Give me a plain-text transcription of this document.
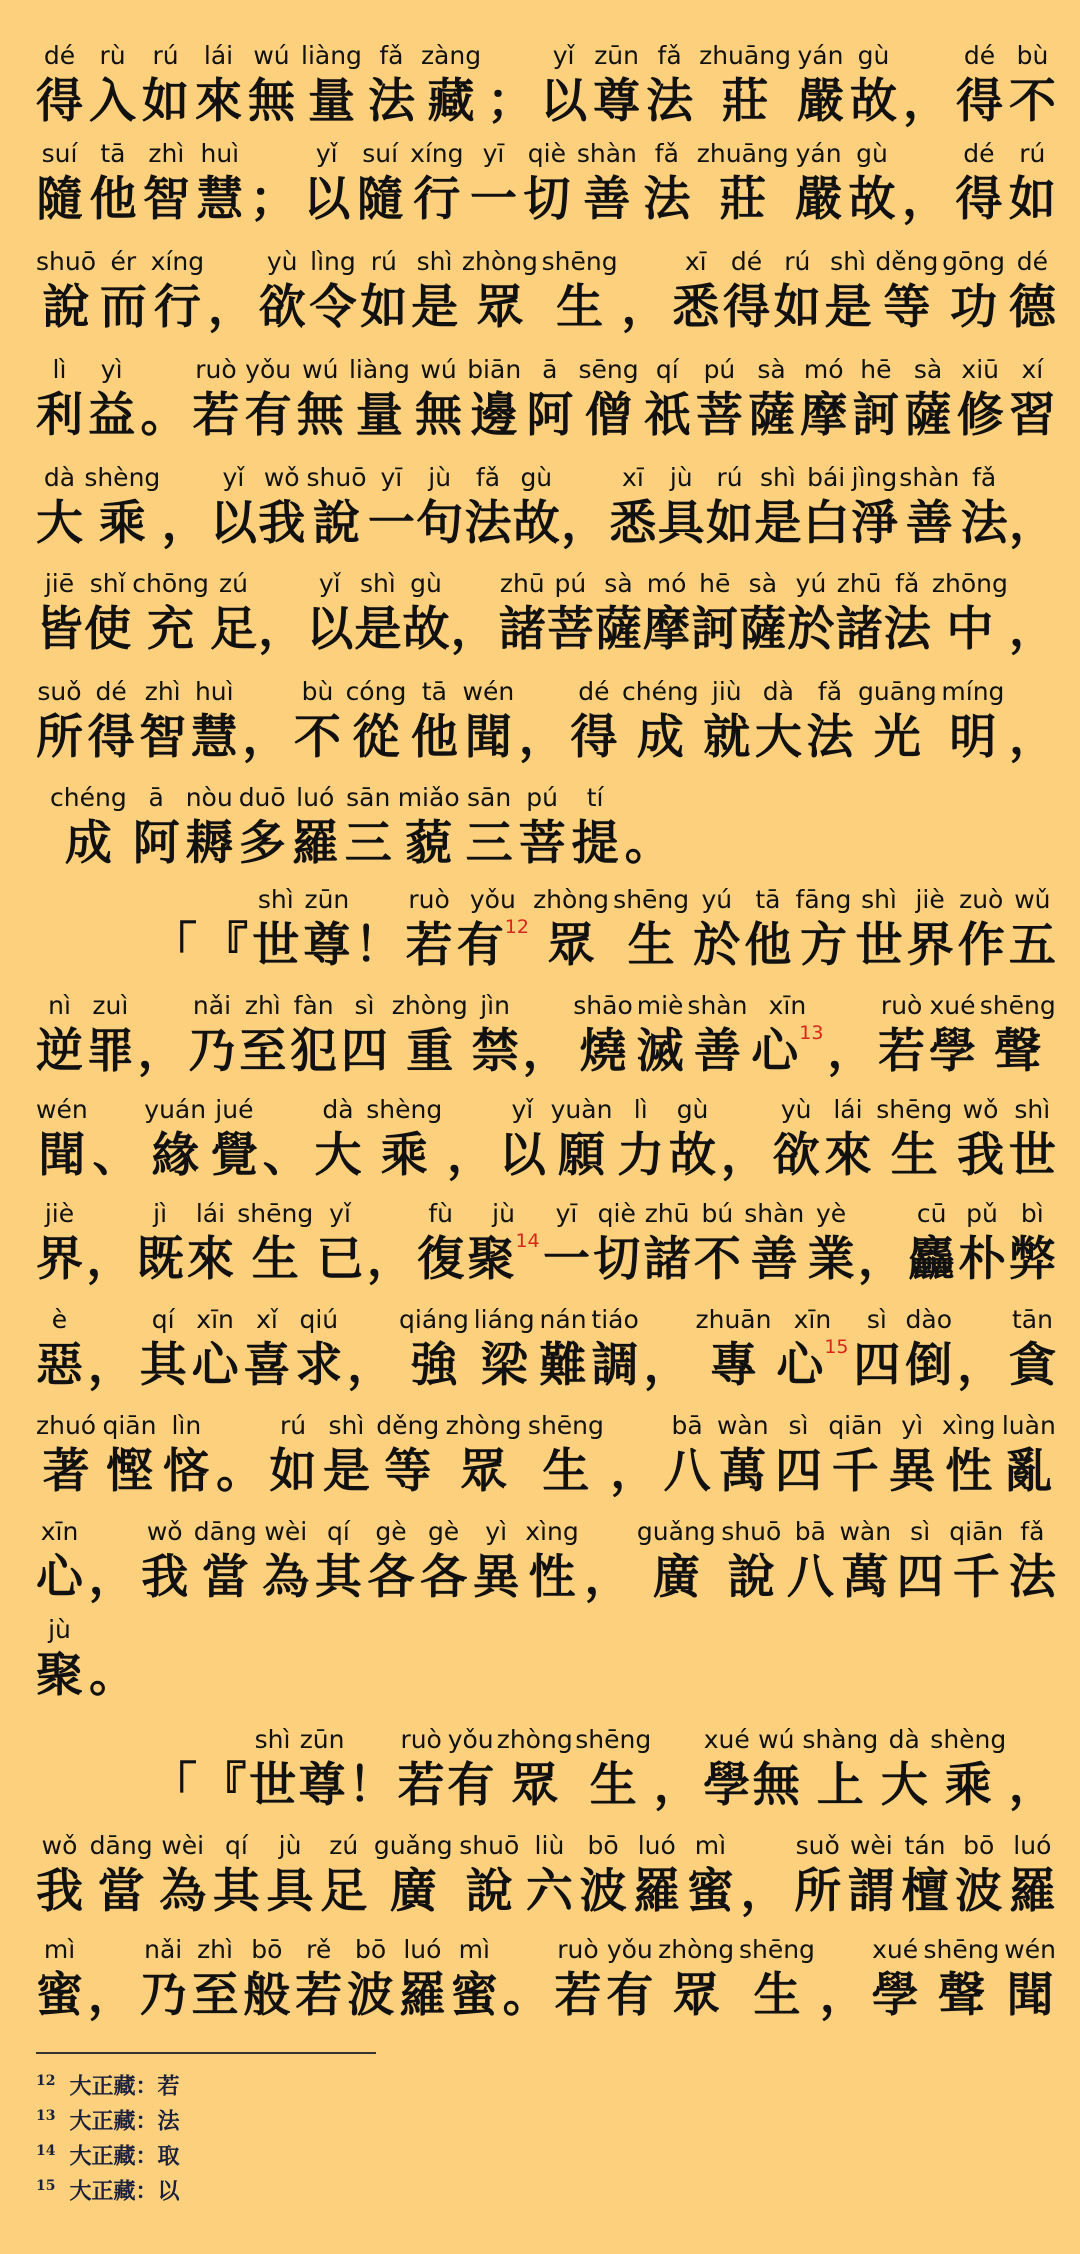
dé
得
rù
入
rú
如
lái
來
wú
無
liàng
量
fǎ
法
zàng
藏 ；
yǐ
以
zūn
尊
fǎ
法
zhuāng
莊
yán
嚴
gù
故 ，
dé
得
bù
不
suí
隨
tā
他
zhì
智
huì
慧 ；
yǐ
以
suí
隨
xíng
行
yī
一
qiè
切
shàn
善
fǎ
法
zhuāng
莊
yán
嚴
gù
故 ，
dé
得
rú
如
shuō
說
ér
而
xíng
行 ，
yù
欲
lìng
令
rú
如
shì
是
zhòng
眾
shēng
生 ，
xī
悉
dé
得
rú
如
shì
是
děng
等
gōng
功
dé
德
lì
利
yì
益 。
ruò
若
yǒu
有
wú
無
liàng
量
wú
無
biān
邊
ā
阿
sēng
僧
qí
祇
pú
菩
sà
薩
mó
摩
hē
訶
sà
薩
xiū
修
xí
習
dà
大
shèng
乘 ，
yǐ
以
wǒ
我
shuō
說
yī
一
jù
句
fǎ
法
gù
故 ，
xī
悉
jù
具
rú
如
shì
是
bái
白
jìng
淨
shàn
善
fǎ
法 ，
jiē
皆
shǐ
使
chōng
充
zú
足 ，
yǐ
以
shì
是
gù
故 ，
zhū
諸
pú
菩
sà
薩
mó
摩
hē
訶
sà
薩
yú
於
zhū
諸
fǎ
法
zhōng
中 ，
suǒ
所
dé
得
zhì
智
huì
慧 ，
bù
不
cóng
從
tā
他
wén
聞 ，
dé
得
chéng
成
jiù
就
dà
大
fǎ
法
guāng
光
míng
明 ，
chéng
成
ā
阿
nòu
耨
duō
多
luó
羅
sān
三
miǎo
藐
sān
三
pú
菩
tí
提 。
「 『
shì
世
zūn
尊 ！
ruò
若
yǒu
有 12
zhòng
眾
shēng
生
yú
於
tā
他
fāng
方
shì
世
jiè
界
zuò
作
wǔ
五
nì
逆
zuì
罪 ，
nǎi
乃
zhì
至
fàn
犯
sì
四
zhòng
重
jìn
禁 ，
shāo
燒
miè
滅
shàn
善
xīn
心 13 ，
ruò
若
xué
學
shēng
聲
wén
聞 、
yuán
緣
jué
覺 、
dà
大
shèng
乘 ，
yǐ
以
yuàn
願
lì
力
gù
故 ，
yù
欲
lái
來
shēng
生
wǒ
我
shì
世
jiè
界 ，
jì
既
lái
來
shēng
生
yǐ
已 ，
fù
復
jù
聚 14
yī
一
qiè
切
zhū
諸
bú
不
shàn
善
yè
業 ，
cū
麤
pǔ
朴
bì
弊
è
惡 ，
qí
其
xīn
心
xǐ
喜
qiú
求 ，
qiáng
強
liáng
梁
nán
難
tiáo
調 ，
zhuān
專
xīn
心 15
sì
四
dào
倒 ，
tān
貪
zhuó
著
qiān
慳
lìn
悋 。
rú
如
shì
是
děng
等
zhòng
眾
shēng
生 ，
bā
八
wàn
萬
sì
四
qiān
千
yì
異
xìng
性
luàn
亂
xīn
心 ，
wǒ
我
dāng
當
wèi
為
qí
其
gè
各
gè
各
yì
異
xìng
性 ，
guǎng
廣
shuō
說
bā
八
wàn
萬
sì
四
qiān
千
fǎ
法
jù
聚 。
「 『
shì
世
zūn
尊 ！
ruò
若
yǒu
有
zhòng
眾
shēng
生 ，
xué
學
wú
無
shàng
上
dà
大
shèng
乘 ，
wǒ
我
dāng
當
wèi
為
qí
其
jù
具
zú
足
guǎng
廣
shuō
說
liù
六
bō
波
luó
羅
mì
蜜 ，
suǒ
所
wèi
謂
tán
檀
bō
波
luó
羅
mì
蜜 ，
nǎi
乃
zhì
至
bō
般
rě
若
bō
波
luó
羅
mì
蜜 。
ruò
若
yǒu
有
zhòng
眾
shēng
生 ，
xué
學
shēng
聲
wén
聞
$^{12}$ 大正藏：若
$^{13}$ 大正藏：法
$^{14}$ 大正藏：取
$^{15}$ 大正藏：以
